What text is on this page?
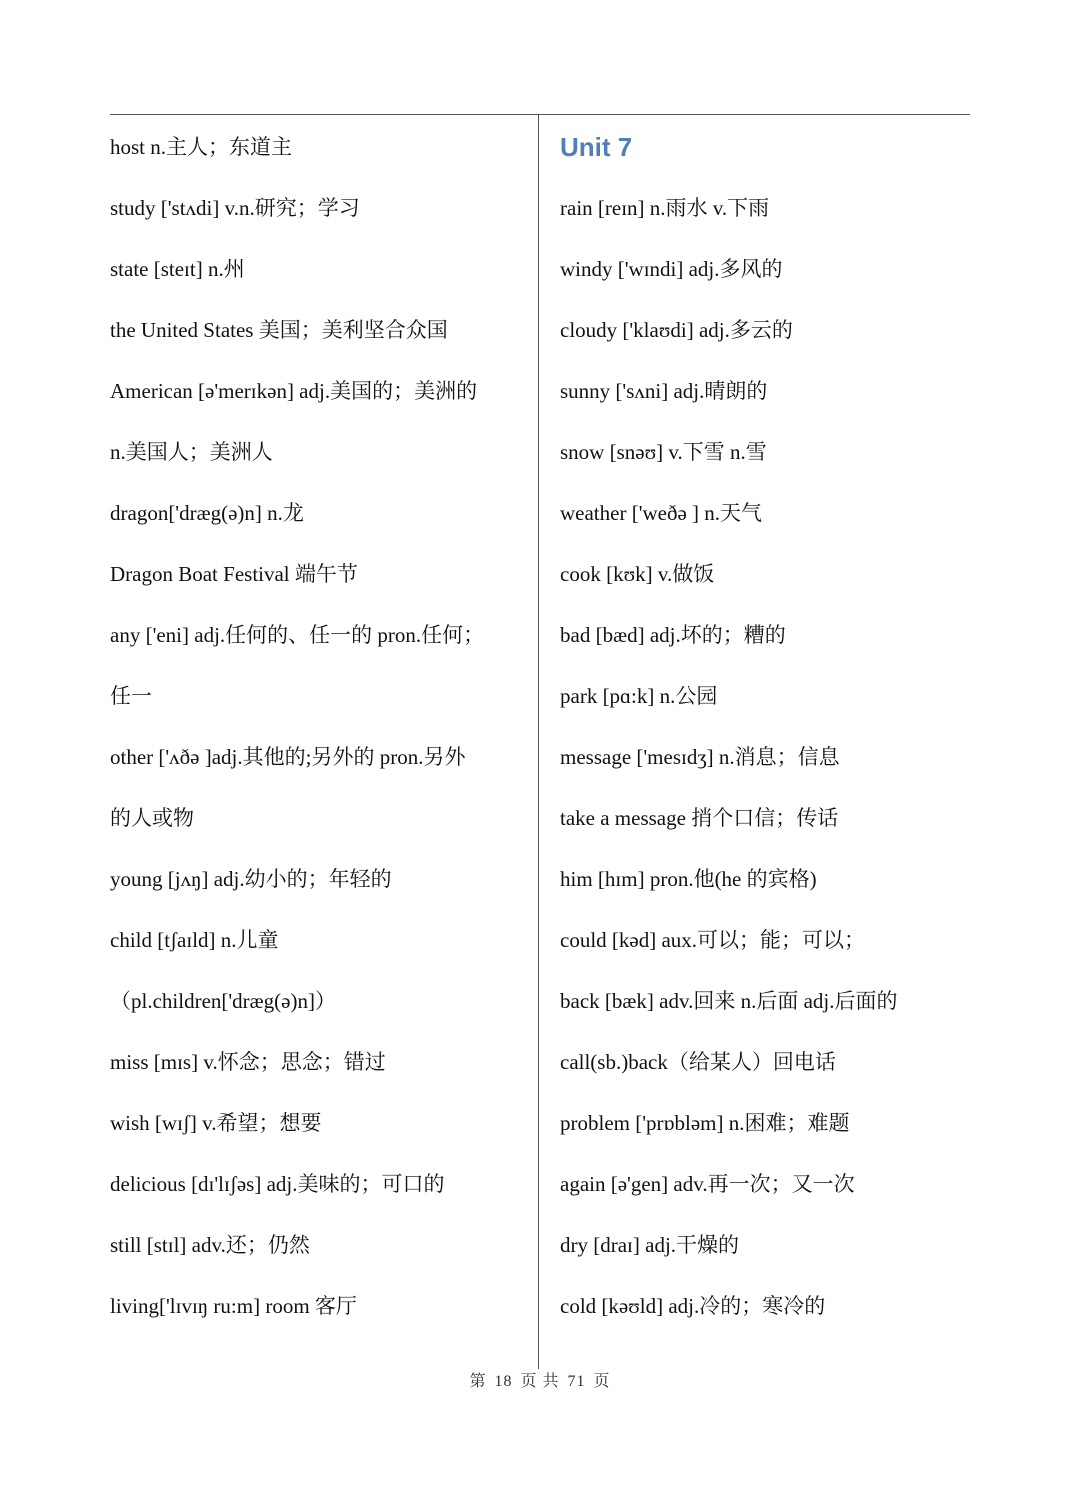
host n.主人；东道主
study ['stʌdi] v.n.研究；学习
state [steɪt] n.州
the United States 美国；美利坚合众国
American [ə'merɪkən] adj.美国的；美洲的
n.美国人；美洲人
dragon['dræg(ə)n] n.龙
Dragon Boat Festival 端午节
any ['eni] adj.任何的、任一的 pron.任何；
任一
other ['ʌðə ]adj.其他的;另外的 pron.另外
的人或物
young [jʌŋ] adj.幼小的；年轻的
child [tʃaɪld] n.儿童
（pl.children['dræg(ə)n]）
miss [mɪs] v.怀念；思念；错过
wish [wɪʃ] v.希望；想要
delicious [dɪ'lɪʃəs] adj.美味的；可口的
still [stɪl] adv.还；仍然
living['lɪvɪŋ ru:m] room 客厅
Unit 7
rain [reɪn] n.雨水 v.下雨
windy ['wɪndi] adj.多风的
cloudy ['klaʊdi] adj.多云的
sunny ['sʌni] adj.晴朗的
snow [snəʊ] v.下雪 n.雪
weather ['weðə ] n.天气
cook [kʊk] v.做饭
bad [bæd] adj.坏的；糟的
park [pɑ:k] n.公园
message ['mesɪdʒ] n.消息；信息
take a message 捎个口信；传话
him [hɪm] pron.他(he 的宾格)
could [kəd] aux.可以；能；可以；
back [bæk] adv.回来 n.后面 adj.后面的
call(sb.)back（给某人）回电话
problem ['prɒbləm] n.困难；难题
again [ə'gen] adv.再一次；又一次
dry [draɪ] adj.干燥的
cold [kəʊld] adj.冷的；寒冷的
第 18 页 共 71 页
